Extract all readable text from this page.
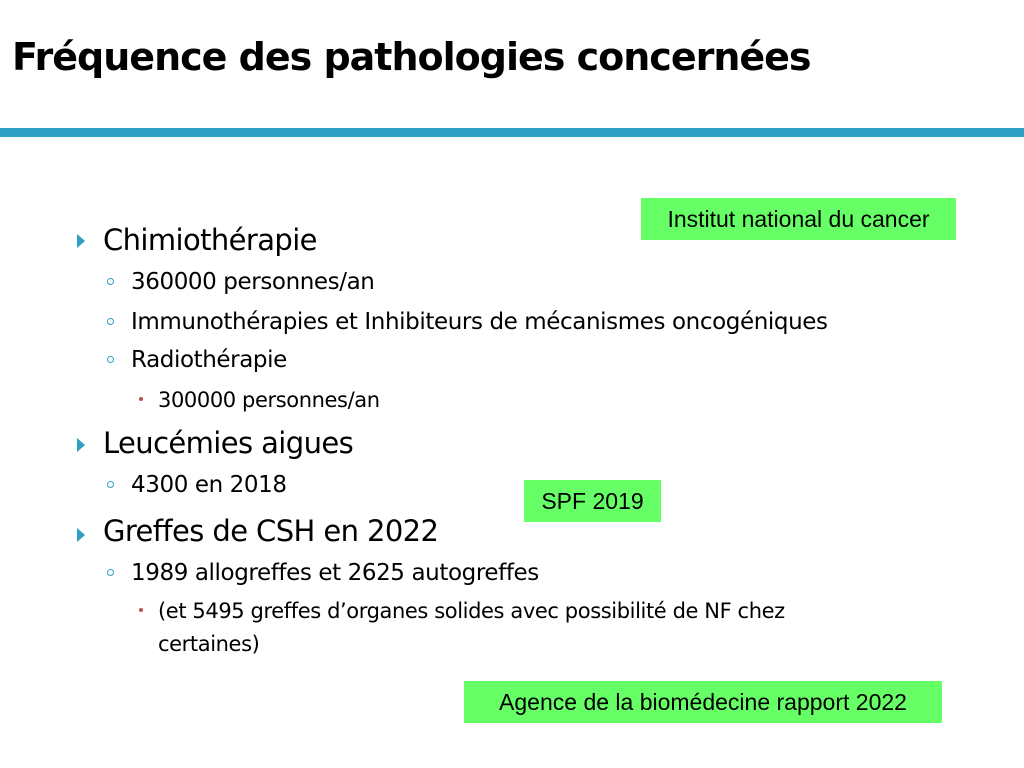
Fréquence des pathologies concernées
Chimiothérapie
360000 personnes/an
Immunothérapies et Inhibiteurs de mécanismes oncogéniques
Radiothérapie
300000 personnes/an
Leucémies aigues
4300 en 2018
Greffes de CSH en 2022
1989 allogreffes et 2625 autogreffes
(et 5495 greffes d’organes solides avec possibilité de NF chez
certaines)
Institut national du cancer
SPF 2019
Agence de la biomédecine rapport 2022
